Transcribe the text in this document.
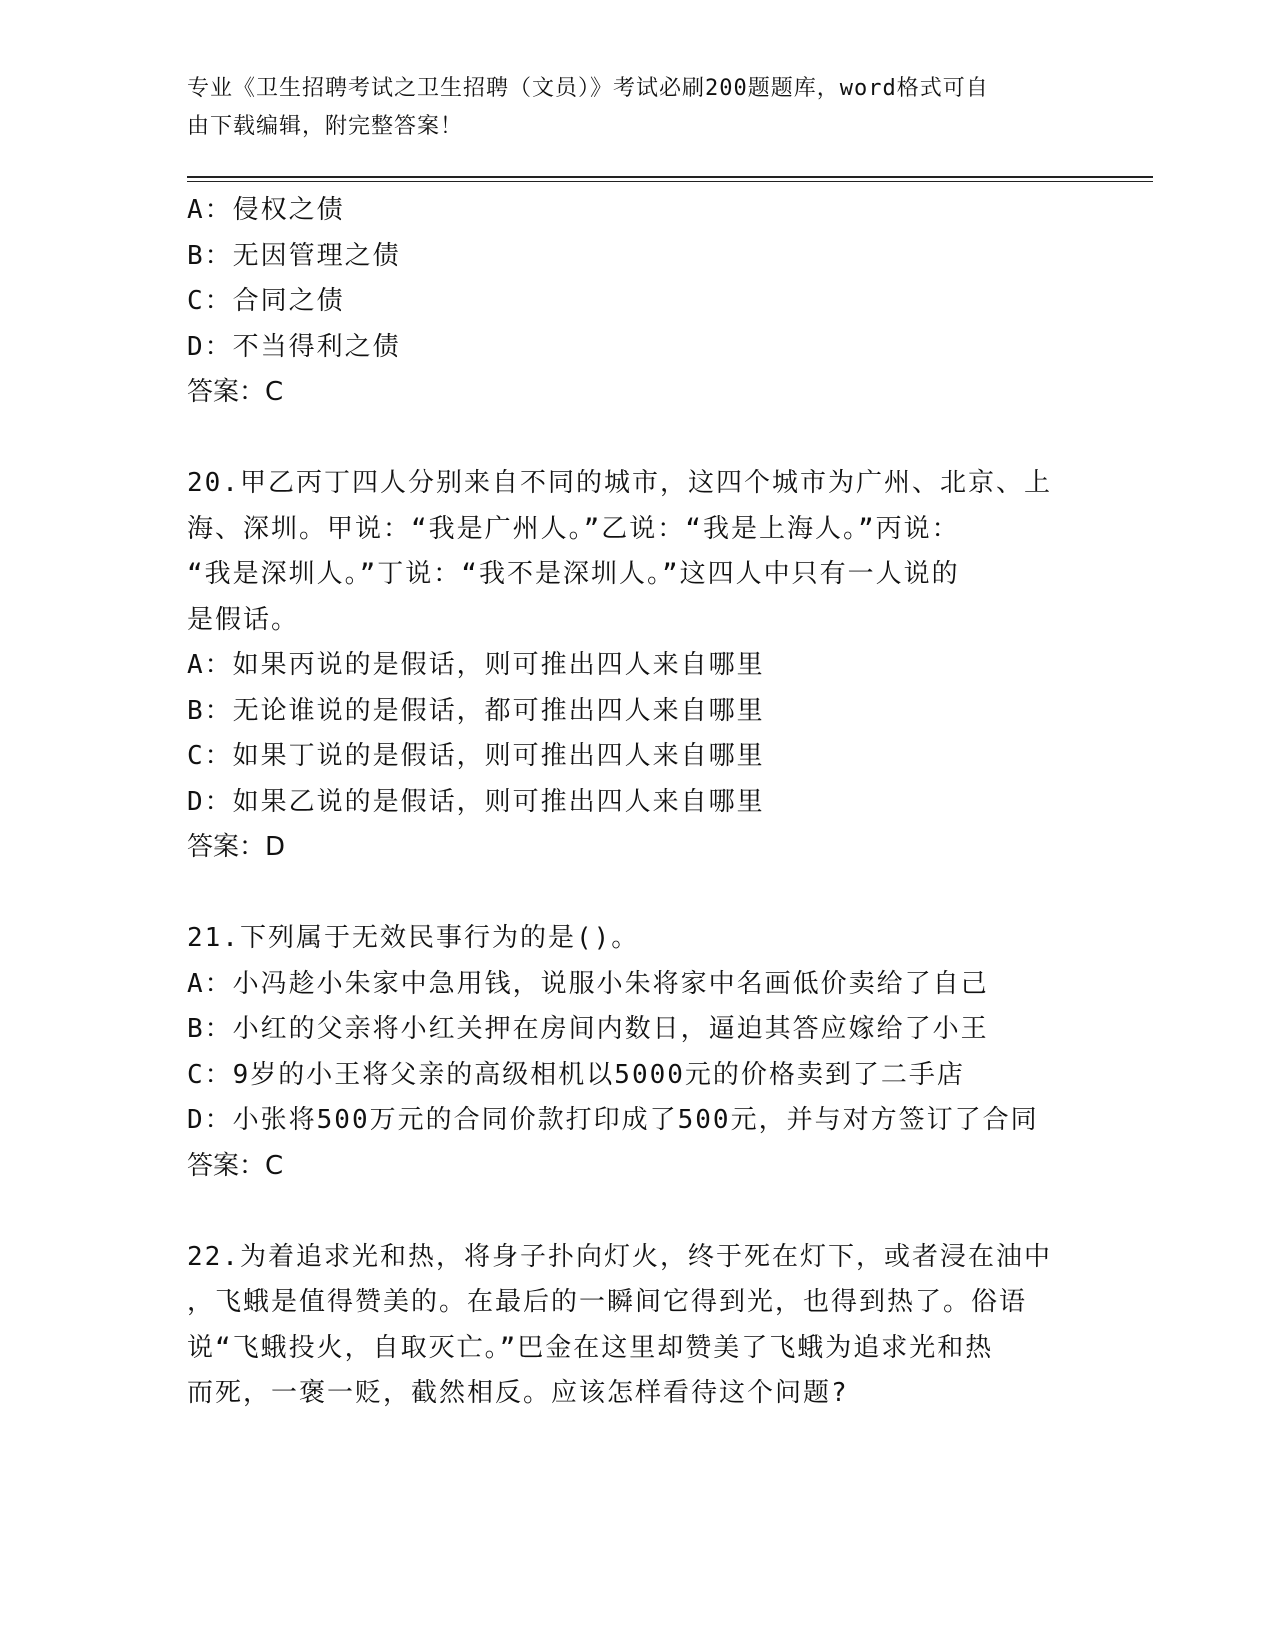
专业《卫生招聘考试之卫生招聘（文员）》考试必刷200题题库，word格式可自
由下载编辑，附完整答案！
A：侵权之债
B：无因管理之债
C：合同之债
D：不当得利之债
答案：C
20.甲乙丙丁四人分别来自不同的城市，这四个城市为广州、北京、上
海、深圳。甲说：“我是广州人。”乙说：“我是上海人。”丙说：
“我是深圳人。”丁说：“我不是深圳人。”这四人中只有一人说的
是假话。
A：如果丙说的是假话，则可推出四人来自哪里
B：无论谁说的是假话，都可推出四人来自哪里
C：如果丁说的是假话，则可推出四人来自哪里
D：如果乙说的是假话，则可推出四人来自哪里
答案：D
21.下列属于无效民事行为的是()。
A：小冯趁小朱家中急用钱，说服小朱将家中名画低价卖给了自己
B：小红的父亲将小红关押在房间内数日，逼迫其答应嫁给了小王
C：9岁的小王将父亲的高级相机以5000元的价格卖到了二手店
D：小张将500万元的合同价款打印成了500元，并与对方签订了合同
答案：C
22.为着追求光和热，将身子扑向灯火，终于死在灯下，或者浸在油中
，飞蛾是值得赞美的。在最后的一瞬间它得到光，也得到热了。俗语
说“飞蛾投火，自取灭亡。”巴金在这里却赞美了飞蛾为追求光和热
而死，一褒一贬，截然相反。应该怎样看待这个问题?
